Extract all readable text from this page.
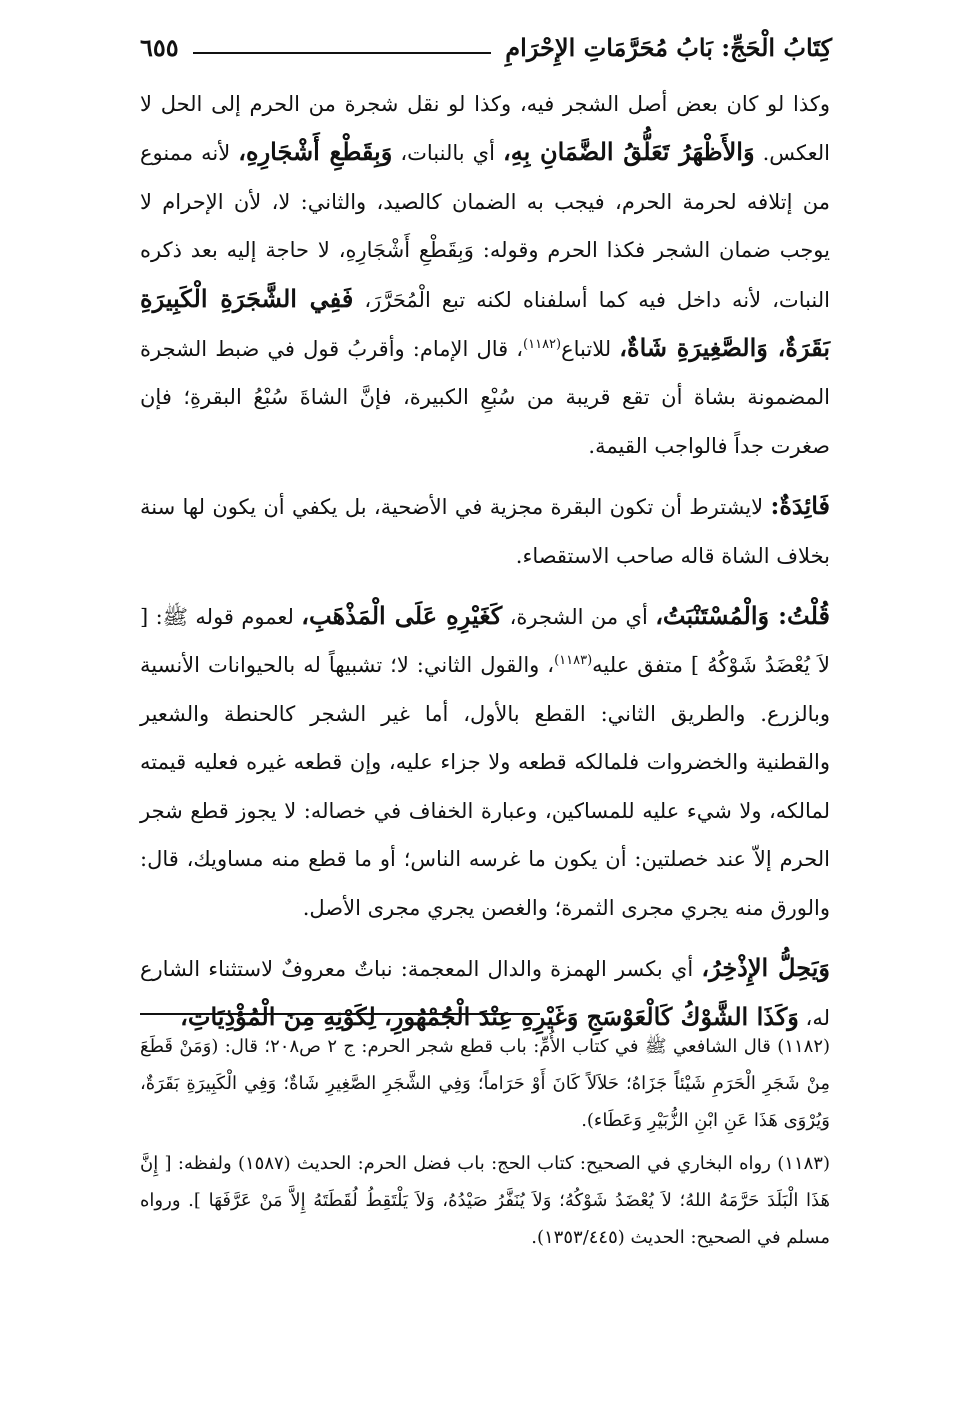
كِتَابُ الْحَجِّ: بَابُ مُحَرَّمَاتِ الإِحْرَامِ
٦٥٥

وكذا لو كان بعض أصل الشجر فيه، وكذا لو نقل شجرة من الحرم إلى الحل لا العكس. وَالأَظْهَرُ تَعَلُّقُ الضَّمَانِ بِهِ، أي بالنبات، وَبِقَطْعِ أَشْجَارِهِ، لأنه ممنوع من إتلافه لحرمة الحرم، فيجب به الضمان كالصيد، والثاني: لا، لأن الإحرام لا يوجب ضمان الشجر فكذا الحرم وقوله: وَبِقَطْعِ أَشْجَارِهِ، لا حاجة إليه بعد ذكره النبات، لأنه داخل فيه كما أسلفناه لكنه تبع الْمُحَرَّرَ، فَفِي الشَّجَرَةِ الْكَبِيرَةِ بَقَرَةٌ، وَالصَّغِيرَةِ شَاةٌ، للاتباع$^{(١١٨٢)}$، قال الإمام: وأقربُ قول في ضبط الشجرة المضمونة بشاة أن تقع قريبة من سُبْعِ الكبيرة، فإنَّ الشاةَ سُبْعُ البقرةِ؛ فإن صغرت جداً فالواجب القيمة.

فَائِدَةٌ: لايشترط أن تكون البقرة مجزية في الأضحية، بل يكفي أن يكون لها سنة بخلاف الشاة قاله صاحب الاستقصاء.

قُلْتُ: وَالْمُسْتَنْبَتُ، أي من الشجرة، كَغَيْرِهِ عَلَى الْمَذْهَبِ، لعموم قوله ﷺ: [ لاَ يُعْضَدُ شَوْكُهُ ] متفق عليه$^{(١١٨٣)}$، والقول الثاني: لا؛ تشبيهاً له بالحيوانات الأنسية وبالزرع. والطريق الثاني: القطع بالأول، أما غير الشجر كالحنطة والشعير والقطنية والخضروات فلمالكه قطعه ولا جزاء عليه، وإن قطعه غيره فعليه قيمته لمالكه، ولا شيء عليه للمساكين، وعبارة الخفاف في خصاله: لا يجوز قطع شجر الحرم إلاّ عند خصلتين: أن يكون ما غرسه الناس؛ أو ما قطع منه مساويك، قال: والورق منه يجري مجرى الثمرة؛ والغصن يجري مجرى الأصل.

وَيَحِلُّ الإِذْخِرُ، أي بكسر الهمزة والدال المعجمة: نباتٌ معروفٌ لاستثناء الشارع له، وَكَذَا الشَّوْكُ كَالْعَوْسَجِ وَغَيْرِهِ عِنْدَ الْجُمْهُورِ، لِكَوْنِهِ مِنَ الْمُؤْذِيَاتِ،

(١١٨٢) قال الشافعي ﷺ في كتاب الأُمِّ: باب قطع شجر الحرم: ج ٢ ص٢٠٨؛ قال: (وَمَنْ قَطَعَ مِنْ شَجَرِ الْحَرَمِ شَيْئاً جَزَاهُ؛ حَلاَلاً كَانَ أَوْ حَرَاماً؛ وَفِي الشَّجَرِ الصَّغِيرِ شَاةٌ؛ وَفِي الْكَبِيرَةِ بَقَرَةٌ، وَيُرْوَى هَذَا عَنِ ابْنِ الزُّبَيْرِ وَعَطَاء).

(١١٨٣) رواه البخاري في الصحيح: كتاب الحج: باب فضل الحرم: الحديث (١٥٨٧) ولفظه: [ إِنَّ هَذَا الْبَلَدَ حَرَّمَهُ اللهُ؛ لاَ يُعْضَدُ شَوْكُهُ؛ وَلاَ يُنَفَّرُ صَيْدُهُ، وَلاَ يَلْتَقِطُ لُقَطَتَهُ إِلاَّ مَنْ عَرَّفَهَا ]. ورواه مسلم في الصحيح: الحديث (١٣٥٣/٤٤٥).
